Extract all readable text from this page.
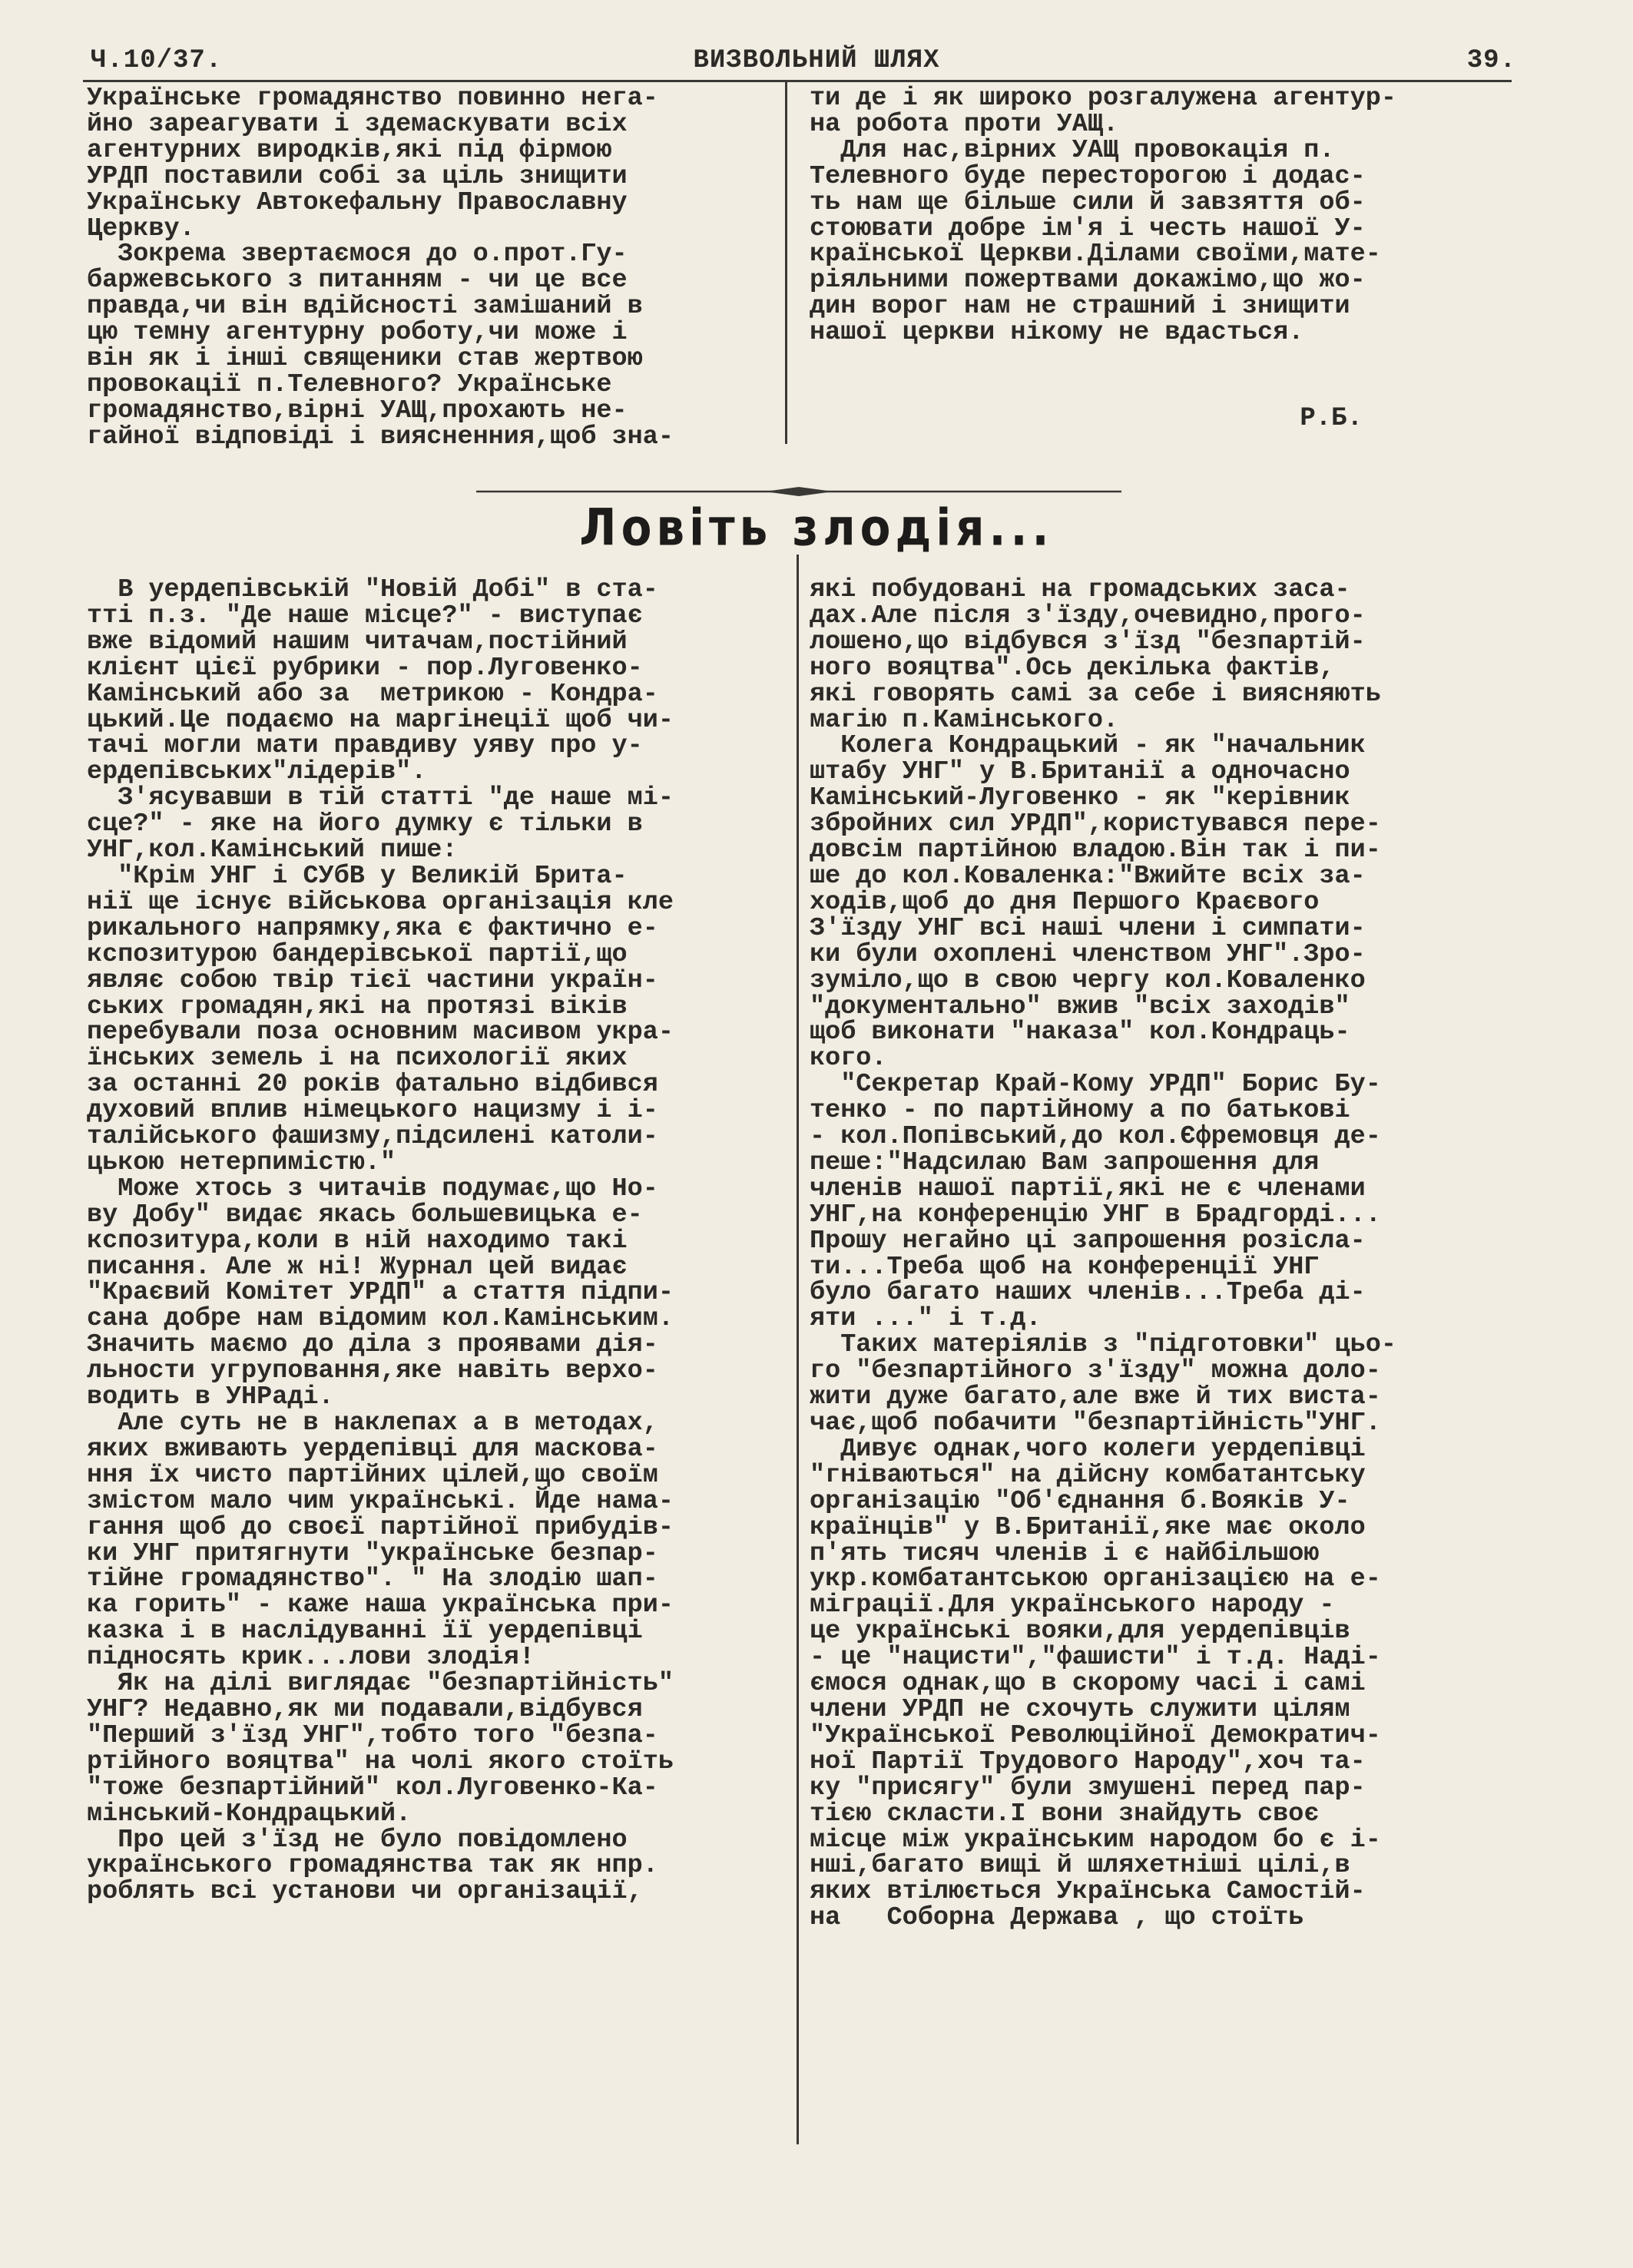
Ч.10/37.	ВИЗВОЛЬНИЙ ШЛЯХ	39.

Українське громадянство повинно нега-

йно зареагувати і здемаскувати всіх

агентурних виродків,які під фірмою

УРДП поставили собі за ціль знищити

Українську Автокефальну Православну

Церкву.

Зокрема звертаємося до о.прот.Гу-

баржевського з питанням - чи це все

правда,чи він вдійсності замішаний в

цю темну агентурну роботу,чи може і

він як і інші священики став жертвою

провокації п.Телевного? Українське

громадянство,вірні УАЩ,прохають не-

гайної відповіді і виясненния,щоб зна-

ти де і як широко розгалужена агентур-

на робота проти УАЩ.

Для нас,вірних УАЩ провокація п.

Телевного буде пересторогою і додас-

ть нам ще більше сили й завзяття об-

стоювати добре ім'я і честь нашої У-

країнської Церкви.Ділами своїми,мате-

ріяльними пожертвами докажімо,що жо-

дин ворог нам не страшний і знищити

нашої церкви нікому не вдасться.

Р.Б.
Ловіть злодія...

В уердепівській "Новій Добі" в ста-

тті п.з. "Де наше місце?" - виступає

вже відомий нашим читачам,постійний

клієнт цієї рубрики - пор.Луговенко-

Камінський або за  метрикою - Кондра-

цький.Це подаємо на маргінеції щоб чи-

тачі могли мати правдиву уяву про у-

ердепівських"лідерів".

З'ясувавши в тій статті "де наше мі-

сце?" - яке на його думку є тільки в

УНГ,кол.Камінський пише:

"Крім УНГ і СУбВ у Великій Брита-

нії ще існує військова організація кле

рикального напрямку,яка є фактично е-

кспозитурою бандерівської партії,що

являє собою твір тієї частини україн-

ських громадян,які на протязі віків

перебували поза основним масивом укра-

їнських земель і на психології яких

за останні 20 років фатально відбився

духовий вплив німецького нацизму і і-

талійського фашизму,підсилені католи-

цькою нетерпимістю."

Може хтось з читачів подумає,що Но-

ву Добу" видає якась большевицька е-

кспозитура,коли в ній находимо такі

писання. Але ж ні! Журнал цей видає

"Краєвий Комітет УРДП" а стаття підпи-

сана добре нам відомим кол.Камінським.

Значить маємо до діла з проявами дія-

льности угруповання,яке навіть верхо-

водить в УНРаді.

Але суть не в наклепах а в методах,

яких вживають уердепівці для маскова-

ння їх чисто партійних цілей,що своїм

змістом мало чим українські. Йде нама-

гання щоб до своєї партійної прибудів-

ки УНГ притягнути "українське безпар-

тійне громадянство". " На злодію шап-

ка горить" - каже наша українська при-

казка і в наслідуванні її уердепівці

підносять крик...лови злодія!

Як на ділі виглядає "безпартійність"

УНГ? Недавно,як ми подавали,відбувся

"Перший з'їзд УНГ",тобто того "безпа-

ртійного вояцтва" на чолі якого стоїть

"тоже безпартійний" кол.Луговенко-Ка-

мінський-Кондрацький.

Про цей з'їзд не було повідомлено

українського громадянства так як нпр.

роблять всі установи чи організації,

які побудовані на громадських заса-

дах.Але після з'їзду,очевидно,прого-

лошено,що відбувся з'їзд "безпартій-

ного вояцтва".Ось декілька фактів,

які говорять самі за себе і виясняють

магію п.Камінського.

Колега Кондрацький - як "начальник

штабу УНГ" у В.Британії а одночасно

Камінський-Луговенко - як "керівник

збройних сил УРДП",користувався пере-

довсім партійною владою.Він так і пи-

ше до кол.Коваленка:"Вжийте всіх за-

ходів,щоб до дня Першого Краєвого

З'їзду УНГ всі наші члени і симпати-

ки були охоплені членством УНГ".Зро-

зуміло,що в свою чергу кол.Коваленко

"документально" вжив "всіх заходів"

щоб виконати "наказа" кол.Кондраць-

кого.

"Секретар Край-Кому УРДП" Борис Бу-

тенко - по партійному а по батькові

- кол.Попівський,до кол.Єфремовця де-

пеше:"Надсилаю Вам запрошення для

членів нашої партії,які не є членами

УНГ,на конференцію УНГ в Брадгорді...

Прошу негайно ці запрошення розісла-

ти...Треба щоб на конференції УНГ

було багато наших членів...Треба ді-

яти ..." і т.д.

Таких матеріялів з "підготовки" цьо-

го "безпартійного з'їзду" можна доло-

жити дуже багато,але вже й тих виста-

чає,щоб побачити "безпартійність"УНГ.

Дивує однак,чого колеги уердепівці

"гніваються" на дійсну комбатантську

організацію "Об'єднання б.Вояків У-

країнців" у В.Британії,яке має около

п'ять тисяч членів і є найбільшою

укр.комбатантською організацією на е-

міграції.Для українського народу -

це українські вояки,для уердепівців

- це "нацисти","фашисти" і т.д. Наді-

ємося однак,що в скорому часі і самі

члени УРДП не схочуть служити цілям

"Української Революційної Демократич-

ної Партії Трудового Народу",хоч та-

ку "присягу" були змушені перед пар-

тією скласти.І вони знайдуть своє

місце між українським народом бо є і-

нші,багато вищі й шляхетніші цілі,в

яких втілюється Українська Самостій-

на   Соборна Держава , що стоїть
